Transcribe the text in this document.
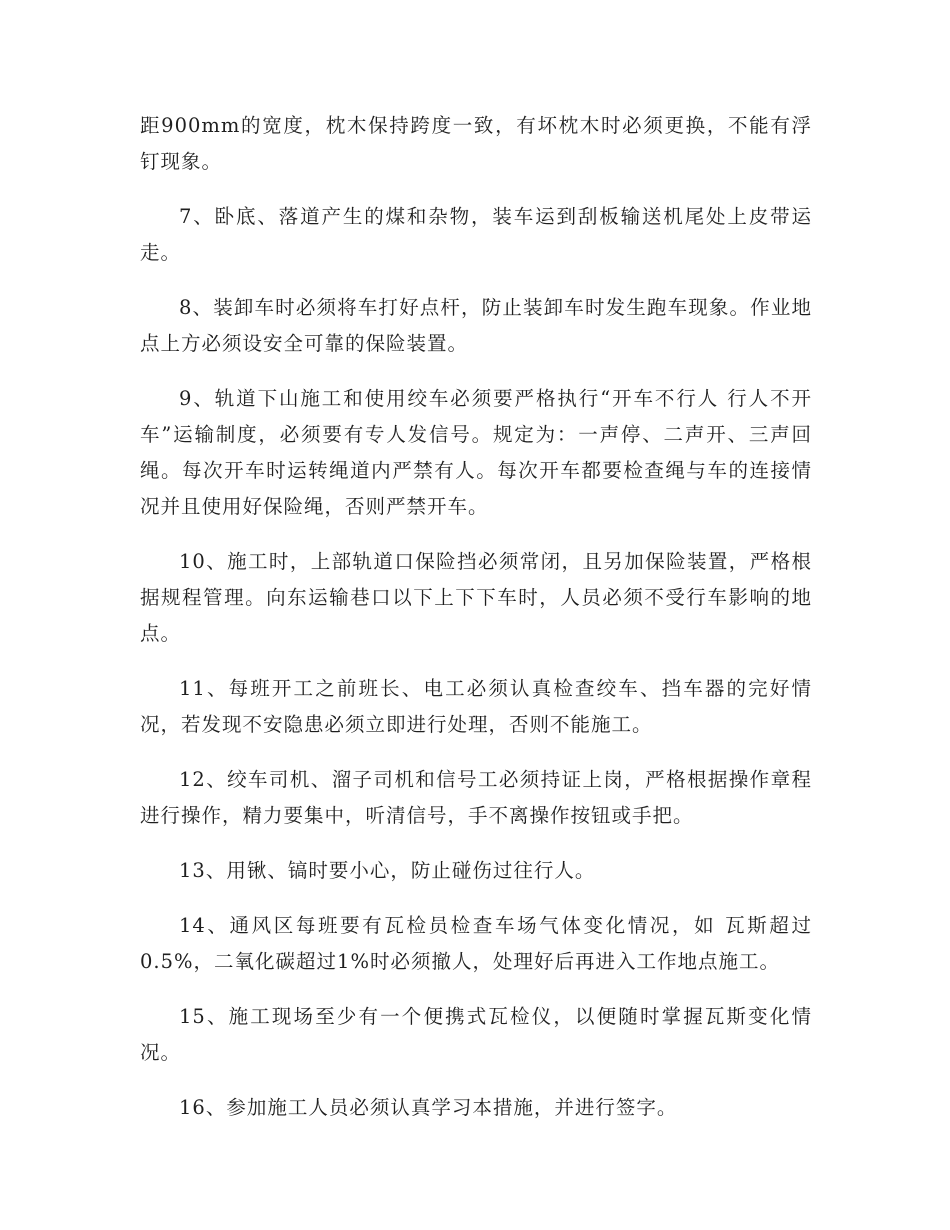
距900mm的宽度，枕木保持跨度一致，有坏枕木时必须更换，不能有浮钉现象。

7、卧底、落道产生的煤和杂物，装车运到刮板输送机尾处上皮带运走。

8、装卸车时必须将车打好点杆，防止装卸车时发生跑车现象。作业地点上方必须设安全可靠的保险装置。

9、轨道下山施工和使用绞车必须要严格执行“开车不行人 行人不开车”运输制度，必须要有专人发信号。规定为：一声停、二声开、三声回绳。每次开车时运转绳道内严禁有人。每次开车都要检查绳与车的连接情况并且使用好保险绳，否则严禁开车。

10、施工时，上部轨道口保险挡必须常闭，且另加保险装置，严格根据规程管理。向东运输巷口以下上下下车时，人员必须不受行车影响的地点。

11、每班开工之前班长、电工必须认真检查绞车、挡车器的完好情况，若发现不安隐患必须立即进行处理，否则不能施工。

12、绞车司机、溜子司机和信号工必须持证上岗，严格根据操作章程进行操作，精力要集中，听清信号，手不离操作按钮或手把。

13、用锹、镐时要小心，防止碰伤过往行人。

14、通风区每班要有瓦检员检查车场气体变化情况，如 瓦斯超过0.5%，二氧化碳超过1%时必须撤人，处理好后再进入工作地点施工。

15、施工现场至少有一个便携式瓦检仪，以便随时掌握瓦斯变化情况。

16、参加施工人员必须认真学习本措施，并进行签字。
